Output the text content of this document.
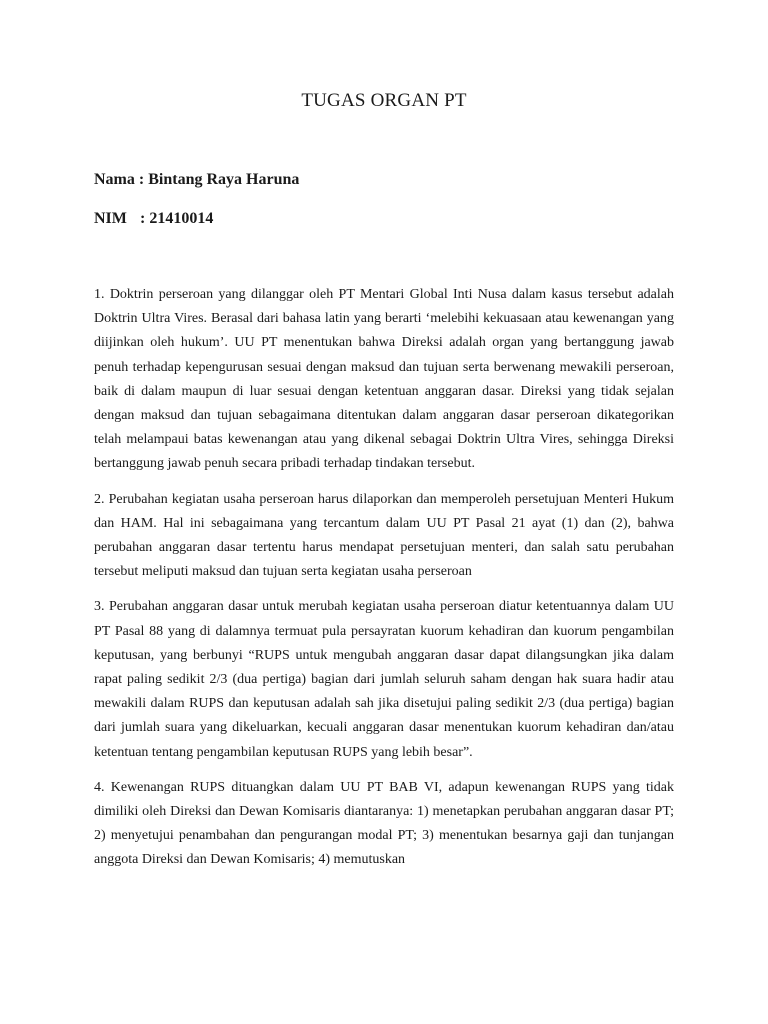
TUGAS ORGAN PT
Nama : Bintang Raya Haruna
NIM : 21410014

1. Doktrin perseroan yang dilanggar oleh PT Mentari Global Inti Nusa dalam kasus tersebut adalah Doktrin Ultra Vires. Berasal dari bahasa latin yang berarti ‘melebihi kekuasaan atau kewenangan yang diijinkan oleh hukum’. UU PT menentukan bahwa Direksi adalah organ yang bertanggung jawab penuh terhadap kepengurusan sesuai dengan maksud dan tujuan serta berwenang mewakili perseroan, baik di dalam maupun di luar sesuai dengan ketentuan anggaran dasar. Direksi yang tidak sejalan dengan maksud dan tujuan sebagaimana ditentukan dalam anggaran dasar perseroan dikategorikan telah melampaui batas kewenangan atau yang dikenal sebagai Doktrin Ultra Vires, sehingga Direksi bertanggung jawab penuh secara pribadi terhadap tindakan tersebut.

2. Perubahan kegiatan usaha perseroan harus dilaporkan dan memperoleh persetujuan Menteri Hukum dan HAM. Hal ini sebagaimana yang tercantum dalam UU PT Pasal 21 ayat (1) dan (2), bahwa perubahan anggaran dasar tertentu harus mendapat persetujuan menteri, dan salah satu perubahan tersebut meliputi maksud dan tujuan serta kegiatan usaha perseroan

3. Perubahan anggaran dasar untuk merubah kegiatan usaha perseroan diatur ketentuannya dalam UU PT Pasal 88 yang di dalamnya termuat pula persayratan kuorum kehadiran dan kuorum pengambilan keputusan, yang berbunyi “RUPS untuk mengubah anggaran dasar dapat dilangsungkan jika dalam rapat paling sedikit 2/3 (dua pertiga) bagian dari jumlah seluruh saham dengan hak suara hadir atau mewakili dalam RUPS dan keputusan adalah sah jika disetujui paling sedikit 2/3 (dua pertiga) bagian dari jumlah suara yang dikeluarkan, kecuali anggaran dasar menentukan kuorum kehadiran dan/atau ketentuan tentang pengambilan keputusan RUPS yang lebih besar”.

4. Kewenangan RUPS dituangkan dalam UU PT BAB VI, adapun kewenangan RUPS yang tidak dimiliki oleh Direksi dan Dewan Komisaris diantaranya: 1) menetapkan perubahan anggaran dasar PT; 2) menyetujui penambahan dan pengurangan modal PT; 3) menentukan besarnya gaji dan tunjangan anggota Direksi dan Dewan Komisaris; 4) memutuskan
